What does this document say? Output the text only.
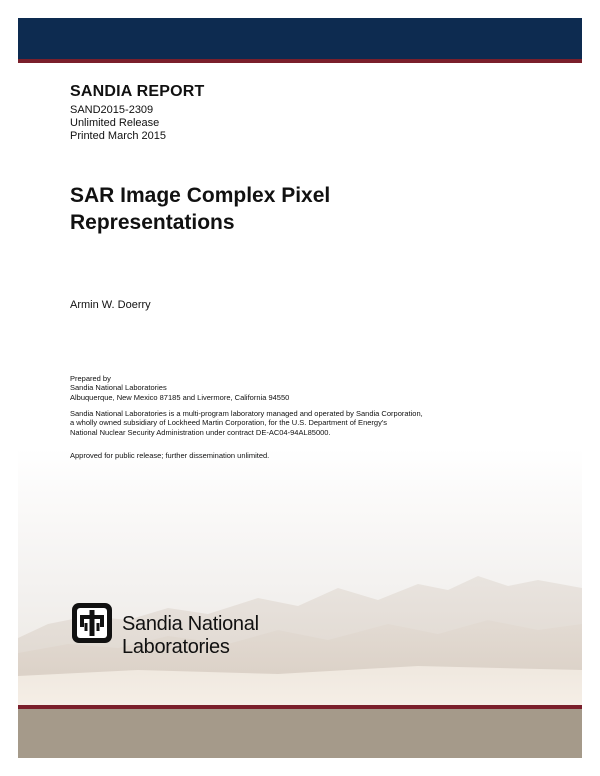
SANDIA REPORT
SAND2015-2309
Unlimited Release
Printed March 2015
SAR Image Complex Pixel
Representations
Armin W. Doerry
Prepared by
Sandia National Laboratories
Albuquerque, New Mexico 87185 and Livermore, California 94550
Sandia National Laboratories is a multi-program laboratory managed and operated by Sandia Corporation,
a wholly owned subsidiary of Lockheed Martin Corporation, for the U.S. Department of Energy's
National Nuclear Security Administration under contract DE-AC04-94AL85000.
Approved for public release; further dissemination unlimited.
Sandia National Laboratories
